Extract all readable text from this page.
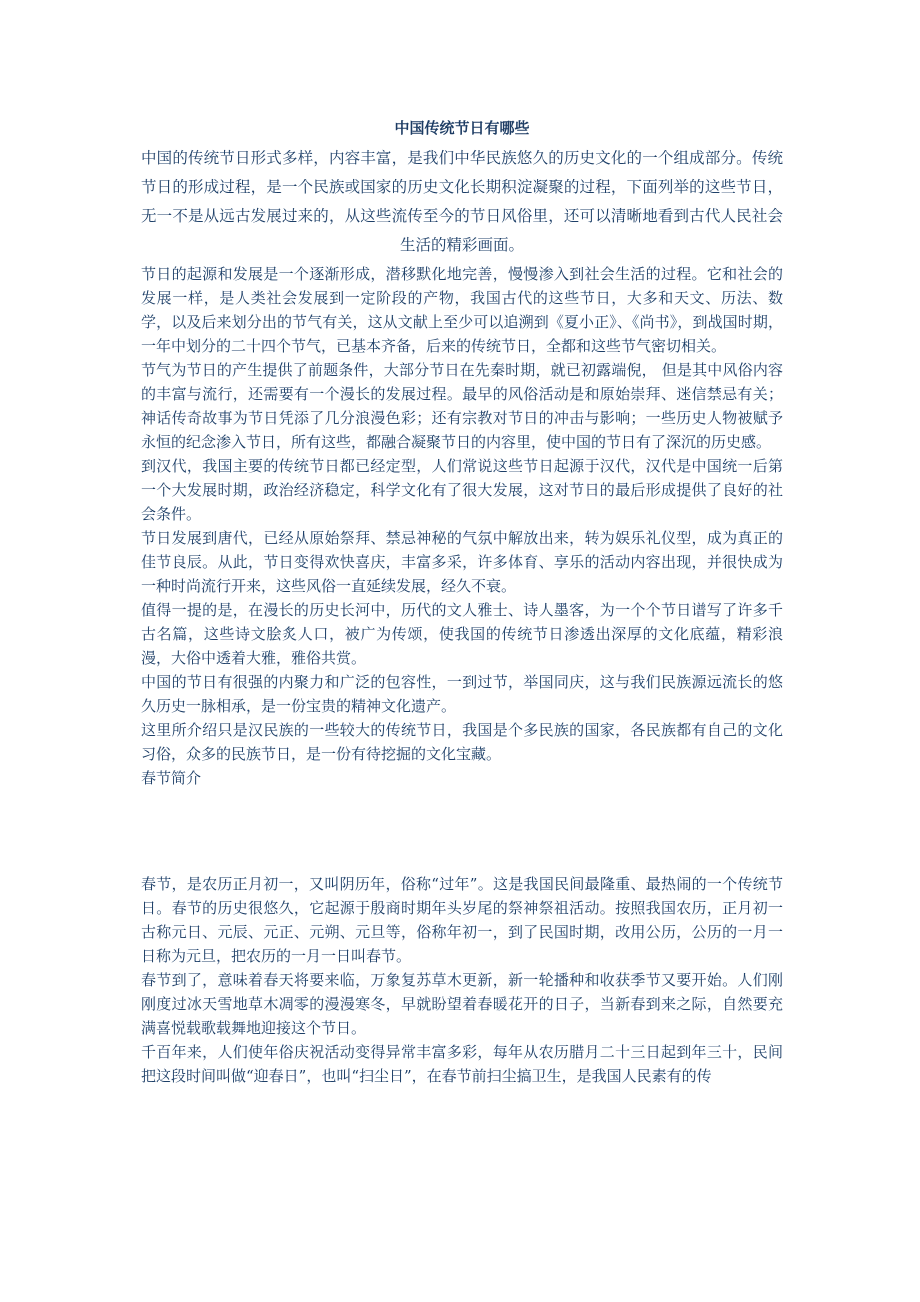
中国传统节日有哪些
中国的传统节日形式多样，内容丰富，是我们中华民族悠久的历史文化的一个组成部分。传统节日的形成过程，是一个民族或国家的历史文化长期积淀凝聚的过程，下面列举的这些节日，无一不是从远古发展过来的，从这些流传至今的节日风俗里，还可以清晰地看到古代人民社会生活的精彩画面。

节日的起源和发展是一个逐渐形成，潜移默化地完善，慢慢渗入到社会生活的过程。它和社会的发展一样，是人类社会发展到一定阶段的产物，我国古代的这些节日，大多和天文、历法、数学，以及后来划分出的节气有关，这从文献上至少可以追溯到《夏小正》、《尚书》，到战国时期，一年中划分的二十四个节气，已基本齐备，后来的传统节日，全都和这些节气密切相关。

节气为节日的产生提供了前题条件，大部分节日在先秦时期，就已初露端倪， 但是其中风俗内容的丰富与流行，还需要有一个漫长的发展过程。最早的风俗活动是和原始崇拜、迷信禁忌有关；神话传奇故事为节日凭添了几分浪漫色彩；还有宗教对节日的冲击与影响；一些历史人物被赋予永恒的纪念渗入节日，所有这些，都融合凝聚节日的内容里，使中国的节日有了深沉的历史感。

到汉代，我国主要的传统节日都已经定型，人们常说这些节日起源于汉代，汉代是中国统一后第一个大发展时期，政治经济稳定，科学文化有了很大发展，这对节日的最后形成提供了良好的社会条件。

节日发展到唐代，已经从原始祭拜、禁忌神秘的气氛中解放出来，转为娱乐礼仪型，成为真正的佳节良辰。从此，节日变得欢快喜庆，丰富多采，许多体育、享乐的活动内容出现，并很快成为一种时尚流行开来，这些风俗一直延续发展，经久不衰。

值得一提的是，在漫长的历史长河中，历代的文人雅士、诗人墨客，为一个个节日谱写了许多千古名篇，这些诗文脍炙人口，被广为传颂，使我国的传统节日渗透出深厚的文化底蕴，精彩浪漫，大俗中透着大雅，雅俗共赏。

中国的节日有很强的内聚力和广泛的包容性，一到过节，举国同庆，这与我们民族源远流长的悠久历史一脉相承，是一份宝贵的精神文化遗产。

这里所介绍只是汉民族的一些较大的传统节日，我国是个多民族的国家，各民族都有自己的文化习俗，众多的民族节日，是一份有待挖掘的文化宝藏。

春节简介

春节，是农历正月初一，又叫阴历年，俗称“过年”。这是我国民间最隆重、最热闹的一个传统节日。春节的历史很悠久，它起源于殷商时期年头岁尾的祭神祭祖活动。按照我国农历，正月初一古称元日、元辰、元正、元朔、元旦等，俗称年初一，到了民国时期，改用公历，公历的一月一日称为元旦，把农历的一月一日叫春节。

春节到了，意味着春天将要来临，万象复苏草木更新，新一轮播种和收获季节又要开始。人们刚刚度过冰天雪地草木凋零的漫漫寒冬，早就盼望着春暖花开的日子，当新春到来之际，自然要充满喜悦载歌载舞地迎接这个节日。

千百年来，人们使年俗庆祝活动变得异常丰富多彩，每年从农历腊月二十三日起到年三十，民间把这段时间叫做“迎春日”，也叫“扫尘日”，在春节前扫尘搞卫生，是我国人民素有的传
